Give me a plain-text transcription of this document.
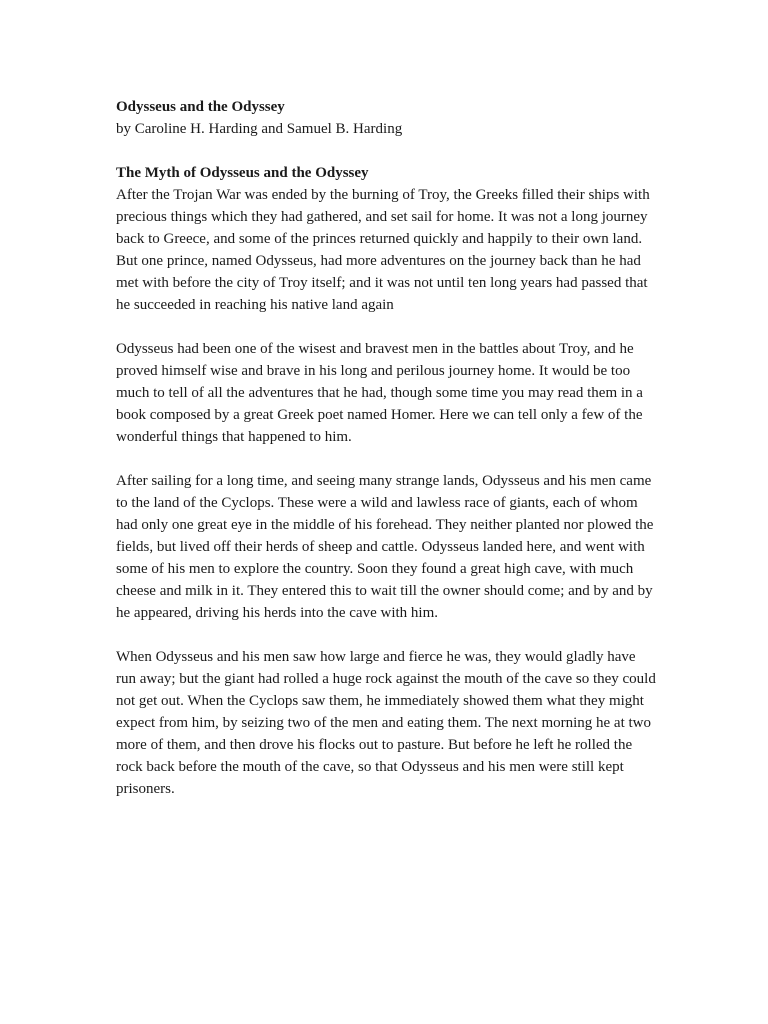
Odysseus and the Odyssey

by Caroline H. Harding and Samuel B. Harding

The Myth of Odysseus and the Odyssey

After the Trojan War was ended by the burning of Troy, the Greeks filled their ships with precious things which they had gathered, and set sail for home. It was not a long journey back to Greece, and some of the princes returned quickly and happily to their own land. But one prince, named Odysseus, had more adventures on the journey back than he had met with before the city of Troy itself; and it was not until ten long years had passed that he succeeded in reaching his native land again

Odysseus had been one of the wisest and bravest men in the battles about Troy, and he proved himself wise and brave in his long and perilous journey home. It would be too much to tell of all the adventures that he had, though some time you may read them in a book composed by a great Greek poet named Homer. Here we can tell only a few of the wonderful things that happened to him.

After sailing for a long time, and seeing many strange lands, Odysseus and his men came to the land of the Cyclops. These were a wild and lawless race of giants, each of whom had only one great eye in the middle of his forehead. They neither planted nor plowed the fields, but lived off their herds of sheep and cattle. Odysseus landed here, and went with some of his men to explore the country. Soon they found a great high cave, with much cheese and milk in it. They entered this to wait till the owner should come; and by and by he appeared, driving his herds into the cave with him.

When Odysseus and his men saw how large and fierce he was, they would gladly have run away; but the giant had rolled a huge rock against the mouth of the cave so they could not get out. When the Cyclops saw them, he immediately showed them what they might expect from him, by seizing two of the men and eating them. The next morning he at two more of them, and then drove his flocks out to pasture. But before he left he rolled the rock back before the mouth of the cave, so that Odysseus and his men were still kept prisoners.
